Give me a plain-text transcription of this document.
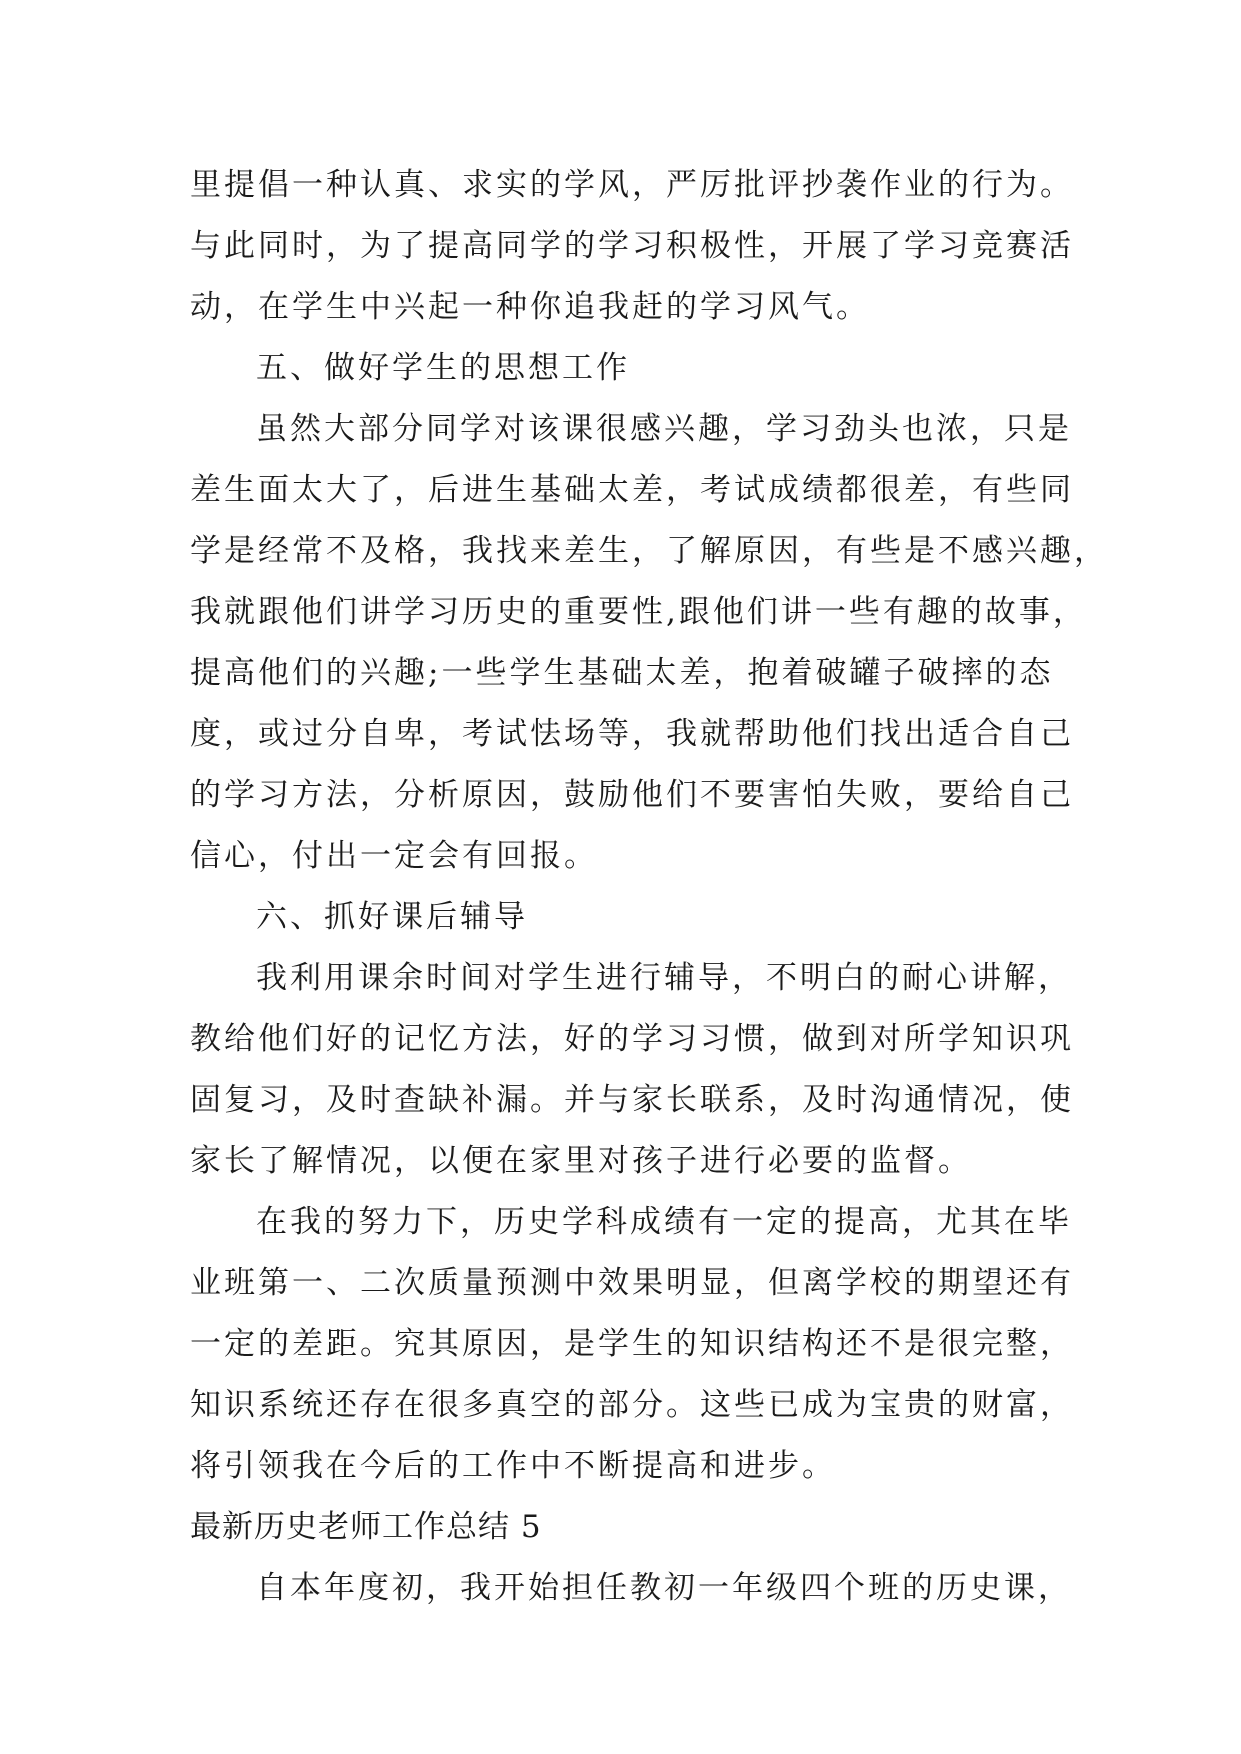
里提倡一种认真、求实的学风，严厉批评抄袭作业的行为。
与此同时，为了提高同学的学习积极性，开展了学习竞赛活
动，在学生中兴起一种你追我赶的学习风气。
五、做好学生的思想工作
虽然大部分同学对该课很感兴趣，学习劲头也浓，只是
差生面太大了，后进生基础太差，考试成绩都很差，有些同
学是经常不及格，我找来差生，了解原因，有些是不感兴趣，
我就跟他们讲学习历史的重要性,跟他们讲一些有趣的故事，
提高他们的兴趣;一些学生基础太差，抱着破罐子破摔的态
度，或过分自卑，考试怯场等，我就帮助他们找出适合自己
的学习方法，分析原因，鼓励他们不要害怕失败，要给自己
信心，付出一定会有回报。
六、抓好课后辅导
我利用课余时间对学生进行辅导，不明白的耐心讲解，
教给他们好的记忆方法，好的学习习惯，做到对所学知识巩
固复习，及时查缺补漏。并与家长联系，及时沟通情况，使
家长了解情况，以便在家里对孩子进行必要的监督。
在我的努力下，历史学科成绩有一定的提高，尤其在毕
业班第一、二次质量预测中效果明显，但离学校的期望还有
一定的差距。究其原因，是学生的知识结构还不是很完整，
知识系统还存在很多真空的部分。这些已成为宝贵的财富，
将引领我在今后的工作中不断提高和进步。
最新历史老师工作总结 5
自本年度初，我开始担任教初一年级四个班的历史课，
